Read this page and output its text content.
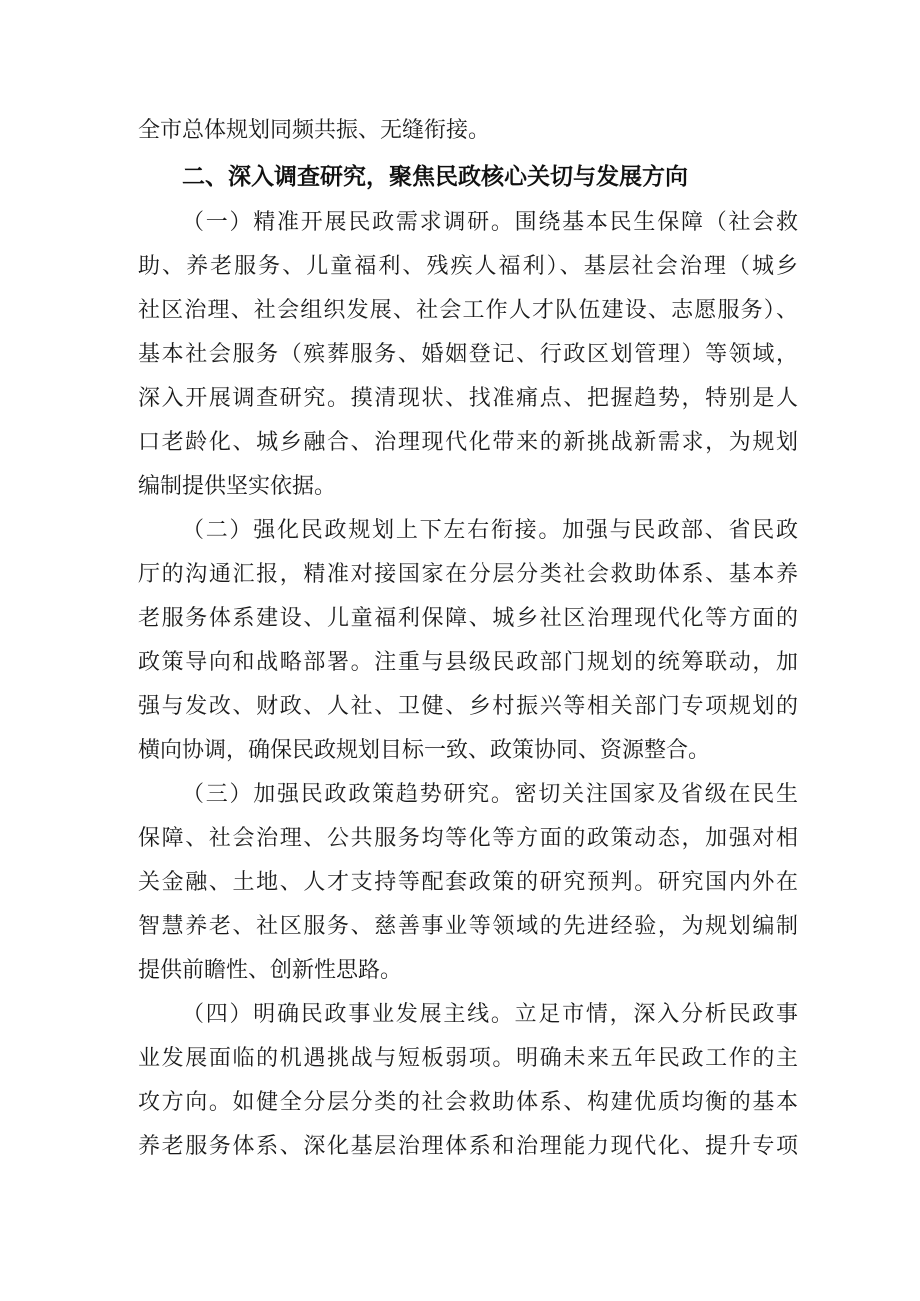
全市总体规划同频共振、无缝衔接。
二、深入调查研究，聚焦民政核心关切与发展方向
（一）精准开展民政需求调研。围绕基本民生保障（社会救
助、养老服务、儿童福利、残疾人福利）、基层社会治理（城乡
社区治理、社会组织发展、社会工作人才队伍建设、志愿服务）、
基本社会服务（殡葬服务、婚姻登记、行政区划管理）等领域，
深入开展调查研究。摸清现状、找准痛点、把握趋势，特别是人
口老龄化、城乡融合、治理现代化带来的新挑战新需求，为规划
编制提供坚实依据。
（二）强化民政规划上下左右衔接。加强与民政部、省民政
厅的沟通汇报，精准对接国家在分层分类社会救助体系、基本养
老服务体系建设、儿童福利保障、城乡社区治理现代化等方面的
政策导向和战略部署。注重与县级民政部门规划的统筹联动，加
强与发改、财政、人社、卫健、乡村振兴等相关部门专项规划的
横向协调，确保民政规划目标一致、政策协同、资源整合。
（三）加强民政政策趋势研究。密切关注国家及省级在民生
保障、社会治理、公共服务均等化等方面的政策动态，加强对相
关金融、土地、人才支持等配套政策的研究预判。研究国内外在
智慧养老、社区服务、慈善事业等领域的先进经验，为规划编制
提供前瞻性、创新性思路。
（四）明确民政事业发展主线。立足市情，深入分析民政事
业发展面临的机遇挑战与短板弱项。明确未来五年民政工作的主
攻方向。如健全分层分类的社会救助体系、构建优质均衡的基本
养老服务体系、深化基层治理体系和治理能力现代化、提升专项
